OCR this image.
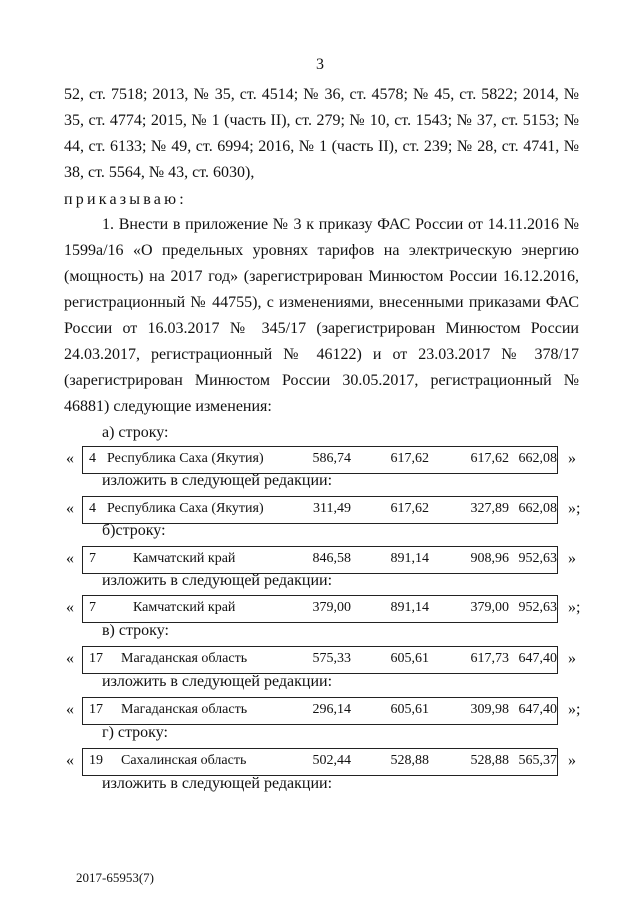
3
52, ст. 7518; 2013, № 35, ст. 4514; № 36, ст. 4578; № 45, ст. 5822; 2014, № 35, ст. 4774; 2015, № 1 (часть II), ст. 279; № 10, ст. 1543; № 37, ст. 5153; № 44, ст. 6133; № 49, ст. 6994; 2016, № 1 (часть II), ст. 239; № 28, ст. 4741, № 38, ст. 5564, № 43, ст. 6030),
приказываю:
1. Внести в приложение № 3 к приказу ФАС России от 14.11.2016 № 1599а/16 «О предельных уровнях тарифов на электрическую энергию (мощность) на 2017 год» (зарегистрирован Минюстом России 16.12.2016, регистрационный № 44755), с изменениями, внесенными приказами ФАС России от 16.03.2017 № 345/17 (зарегистрирован Минюстом России 24.03.2017, регистрационный № 46122) и от 23.03.2017 № 378/17 (зарегистрирован Минюстом России 30.05.2017, регистрационный № 46881) следующие изменения:
а) строку:
« 4 Республика Саха (Якутия)	586,74	617,62	617,62 662,08 »
изложить в следующей редакции:
« 4 Республика Саха (Якутия)	311,49	617,62	327,89 662,08 »;
б)строку:
« 7	Камчатский край	846,58	891,14	908,96 952,63 »
изложить в следующей редакции:
« 7	Камчатский край	379,00	891,14	379,00 952,63 »;
в) строку:
« 17 Магаданская область	575,33	605,61	617,73 647,40 »
изложить в следующей редакции:
« 17 Магаданская область	296,14	605,61	309,98 647,40 »;
г) строку:
« 19 Сахалинская область	502,44	528,88	528,88 565,37 »
изложить в следующей редакции:
2017-65953(7)
